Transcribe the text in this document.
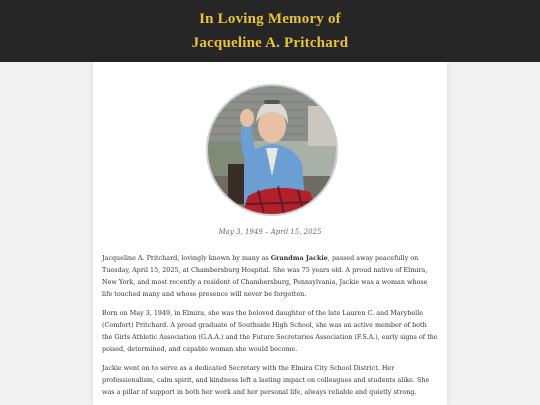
In Loving Memory of
Jacqueline A. Pritchard
May 3, 1949 – April 15, 2025
Jacqueline A. Pritchard, lovingly known by many as Grandma Jackie, passed away peacefully on Tuesday, April 15, 2025, at Chambersburg Hospital. She was 75 years old. A proud native of Elmira, New York, and most recently a resident of Chambersburg, Pennsylvania, Jackie was a woman whose life touched many and whose presence will never be forgotten.
Born on May 3, 1949, in Elmira, she was the beloved daughter of the late Lauren C. and Marybelle (Comfort) Pritchard. A proud graduate of Southside High School, she was an active member of both the Girls Athletic Association (G.A.A.) and the Future Secretaries Association (F.S.A.), early signs of the poised, determined, and capable woman she would become.
Jackie went on to serve as a dedicated Secretary with the Elmira City School District. Her professionalism, calm spirit, and kindness left a lasting impact on colleagues and students alike. She was a pillar of support in both her work and her personal life, always reliable and quietly strong.
